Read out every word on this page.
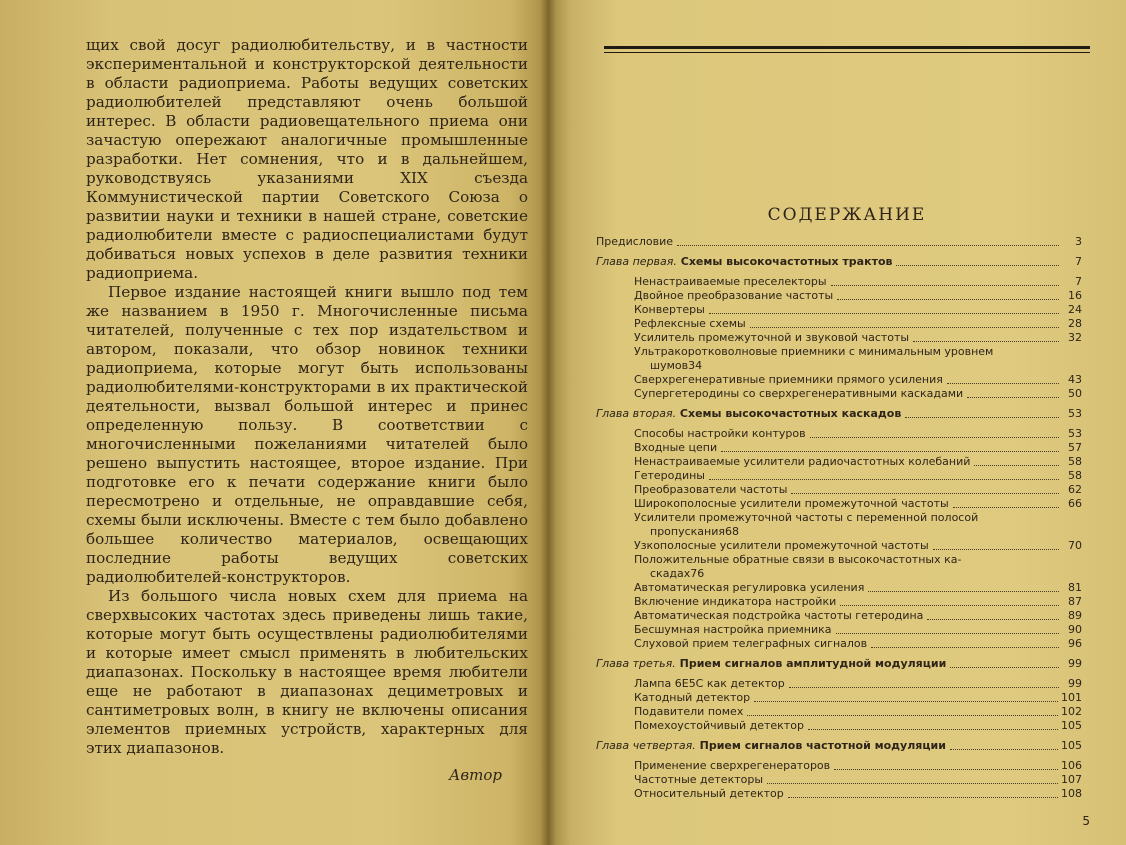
щих свой досуг радиолюбительству, и в частности экспериментальной и конструкторской деятельности в области радиоприема. Работы ведущих советских радиолюбителей представляют очень большой интерес. В области радиовещательного приема они зачастую опережают аналогичные промышленные разработки. Нет сомнения, что и в дальнейшем, руководствуясь указаниями XIX съезда Коммунистической партии Советского Союза о развитии науки и техники в нашей стране, советские радиолюбители вместе с радиоспециалистами будут добиваться новых успехов в деле развития техники радиоприема.

Первое издание настоящей книги вышло под тем же названием в 1950 г. Многочисленные письма читателей, полученные с тех пор издательством и автором, показали, что обзор новинок техники радиоприема, которые могут быть использованы радиолюбителями-конструкторами в их практической деятельности, вызвал большой интерес и принес определенную пользу. В соответствии с многочисленными пожеланиями читателей было решено выпустить настоящее, второе издание. При подготовке его к печати содержание книги было пересмотрено и отдельные, не оправдавшие себя, схемы были исключены. Вместе с тем было добавлено большее количество материалов, освещающих последние работы ведущих советских радиолюбителей-конструкторов.

Из большого числа новых схем для приема на сверхвысоких частотах здесь приведены лишь такие, которые могут быть осуществлены радиолюбителями и которые имеет смысл применять в любительских диапазонах. Поскольку в настоящее время любители еще не работают в диапазонах дециметровых и сантиметровых волн, в книгу не включены описания элементов приемных устройств, характерных для этих диапазонов.

Автор
СОДЕРЖАНИЕ
Предисловие	3
Глава первая. Схемы высокочастотных трактов	7
Ненастраиваемые преселекторы	7
Двойное преобразование частоты	16
Конвертеры	24
Рефлексные схемы	28
Усилитель промежуточной и звуковой частоты	32
Ультракоротковолновые приемники с минимальным уровнем
шумов 34
Сверхрегенеративные приемники прямого усиления	43
Супергетеродины со сверхрегенеративными каскадами	50
Глава вторая. Схемы высокочастотных каскадов	53
Способы настройки контуров	53
Входные цепи	57
Ненастраиваемые усилители радиочастотных колебаний	58
Гетеродины	58
Преобразователи частоты	62
Широкополосные усилители промежуточной частоты	66
Усилители промежуточной частоты с переменной полосой
пропускания 68
Узкополосные усилители промежуточной частоты	70
Положительные обратные связи в высокочастотных ка-
скадах 76
Автоматическая регулировка усиления	81
Включение индикатора настройки	87
Автоматическая подстройка частоты гетеродина	89
Бесшумная настройка приемника	90
Слуховой прием телеграфных сигналов	96
Глава третья. Прием сигналов амплитудной модуляции	99
Лампа 6Е5С как детектор	99
Катодный детектор	101
Подавители помех	102
Помехоустойчивый детектор	105
Глава четвертая. Прием сигналов частотной модуляции	105
Применение сверхрегенераторов	106
Частотные детекторы	107
Относительный детектор	108
5
